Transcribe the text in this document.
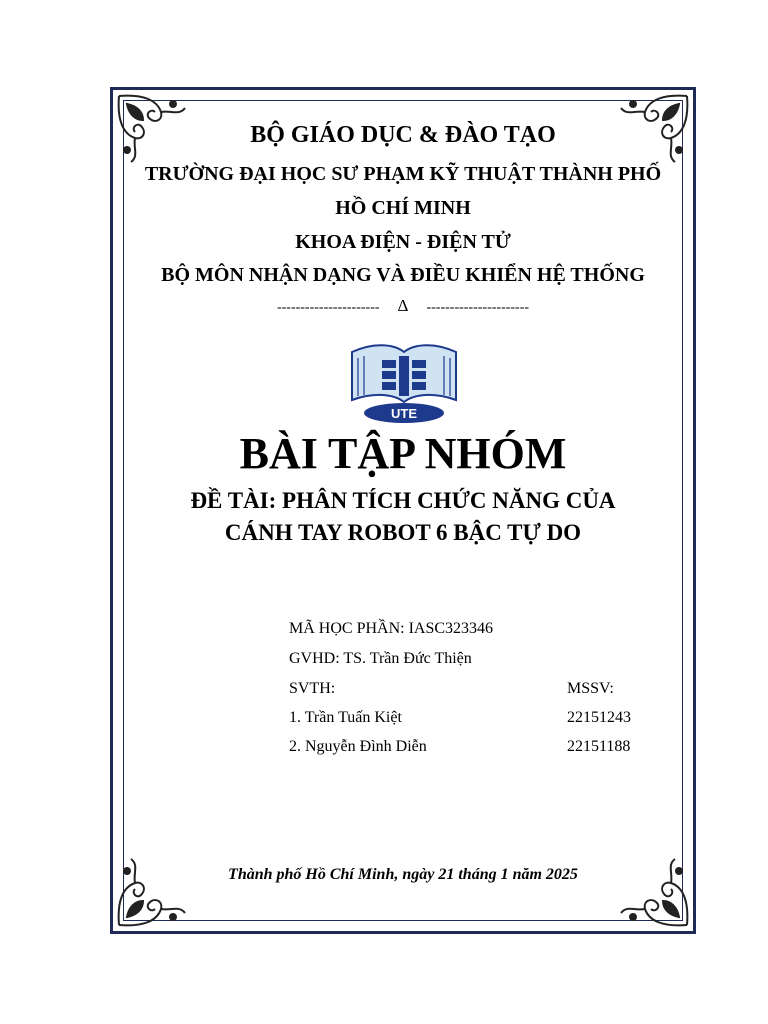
BỘ GIÁO DỤC & ĐÀO TẠO
TRƯỜNG ĐẠI HỌC SƯ PHẠM KỸ THUẬT THÀNH PHỐ
HỒ CHÍ MINH
KHOA ĐIỆN - ĐIỆN TỬ
BỘ MÔN NHẬN DẠNG VÀ ĐIỀU KHIỂN HỆ THỐNG
---------------------- Δ ----------------------
UTE
BÀI TẬP NHÓM
ĐỀ TÀI: PHÂN TÍCH CHỨC NĂNG CỦA
CÁNH TAY ROBOT 6 BẬC TỰ DO
MÃ HỌC PHẦN: IASC323346
GVHD: TS. Trần Đức Thiện
SVTH:	MSSV:
1. Trần Tuấn Kiệt	22151243
2. Nguyễn Đình Diễn	22151188
Thành phố Hồ Chí Minh, ngày 21 tháng 1 năm 2025
